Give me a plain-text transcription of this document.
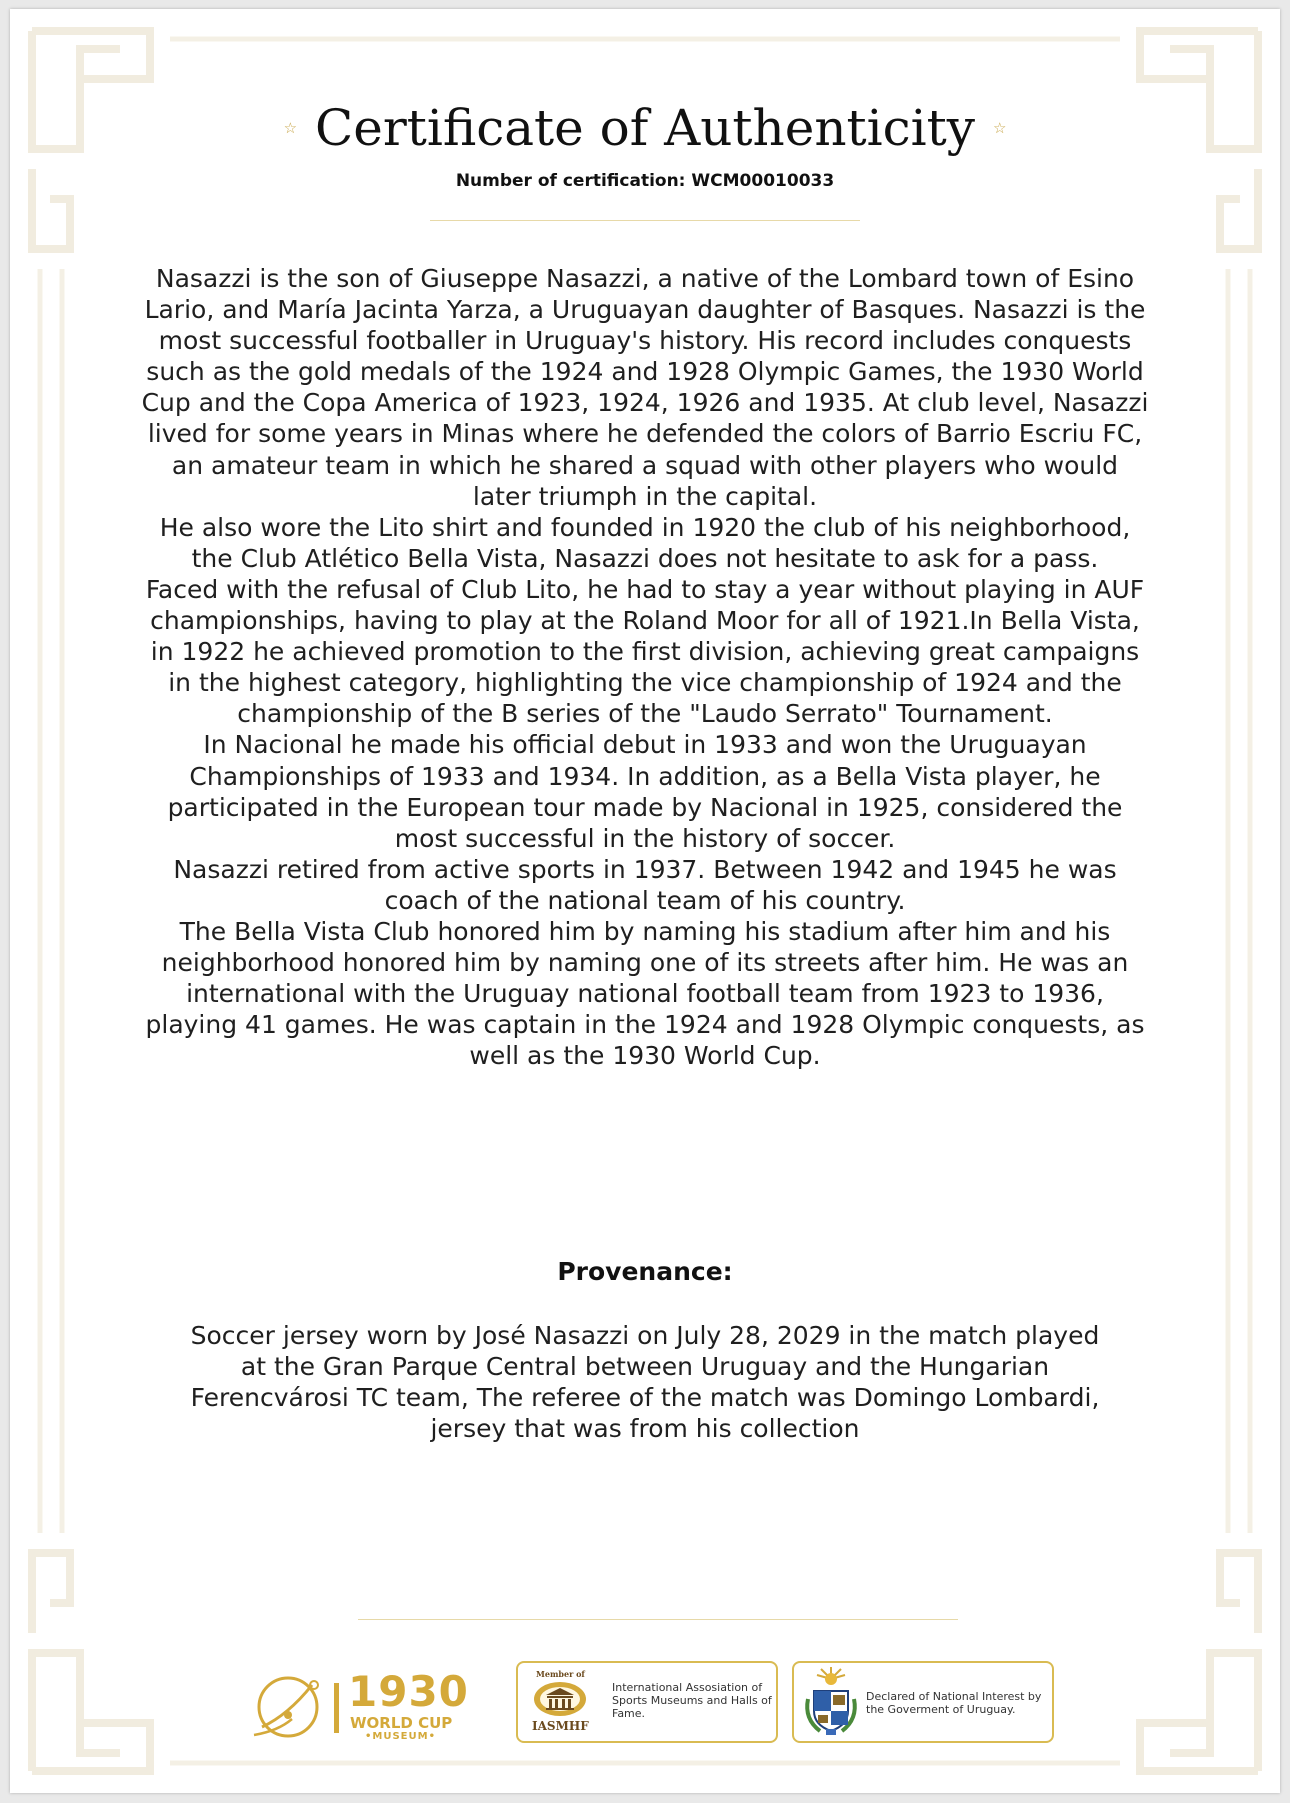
☆ Certificate of Authenticity ☆
Number of certification: WCM00010033

Nasazzi is the son of Giuseppe Nasazzi, a native of the Lombard town of Esino Lario, and María Jacinta Yarza, a Uruguayan daughter of Basques. Nasazzi is the most successful footballer in Uruguay's history. His record includes conquests such as the gold medals of the 1924 and 1928 Olympic Games, the 1930 World Cup and the Copa America of 1923, 1924, 1926 and 1935. At club level, Nasazzi lived for some years in Minas where he defended the colors of Barrio Escriu FC, an amateur team in which he shared a squad with other players who would later triumph in the capital.

He also wore the Lito shirt and founded in 1920 the club of his neighborhood, the Club Atlético Bella Vista, Nasazzi does not hesitate to ask for a pass.

Faced with the refusal of Club Lito, he had to stay a year without playing in AUF championships, having to play at the Roland Moor for all of 1921.In Bella Vista, in 1922 he achieved promotion to the first division, achieving great campaigns in the highest category, highlighting the vice championship of 1924 and the championship of the B series of the "Laudo Serrato" Tournament.

In Nacional he made his official debut in 1933 and won the Uruguayan Championships of 1933 and 1934. In addition, as a Bella Vista player, he participated in the European tour made by Nacional in 1925, considered the most successful in the history of soccer.

Nasazzi retired from active sports in 1937. Between 1942 and 1945 he was coach of the national team of his country.

The Bella Vista Club honored him by naming his stadium after him and his neighborhood honored him by naming one of its streets after him. He was an international with the Uruguay national football team from 1923 to 1936, playing 41 games. He was captain in the 1924 and 1928 Olympic conquests, as well as the 1930 World Cup.

Provenance:

Soccer jersey worn by José Nasazzi on July 28, 2029 in the match played at the Gran Parque Central between Uruguay and the Hungarian Ferencvárosi TC team, The referee of the match was Domingo Lombardi, jersey that was from his collection

1930
WORLD CUP
•MUSEUM•
Member of
IASMHF
International Assosiation of Sports Museums and Halls of Fame.
Declared of National Interest by the Goverment of Uruguay.
